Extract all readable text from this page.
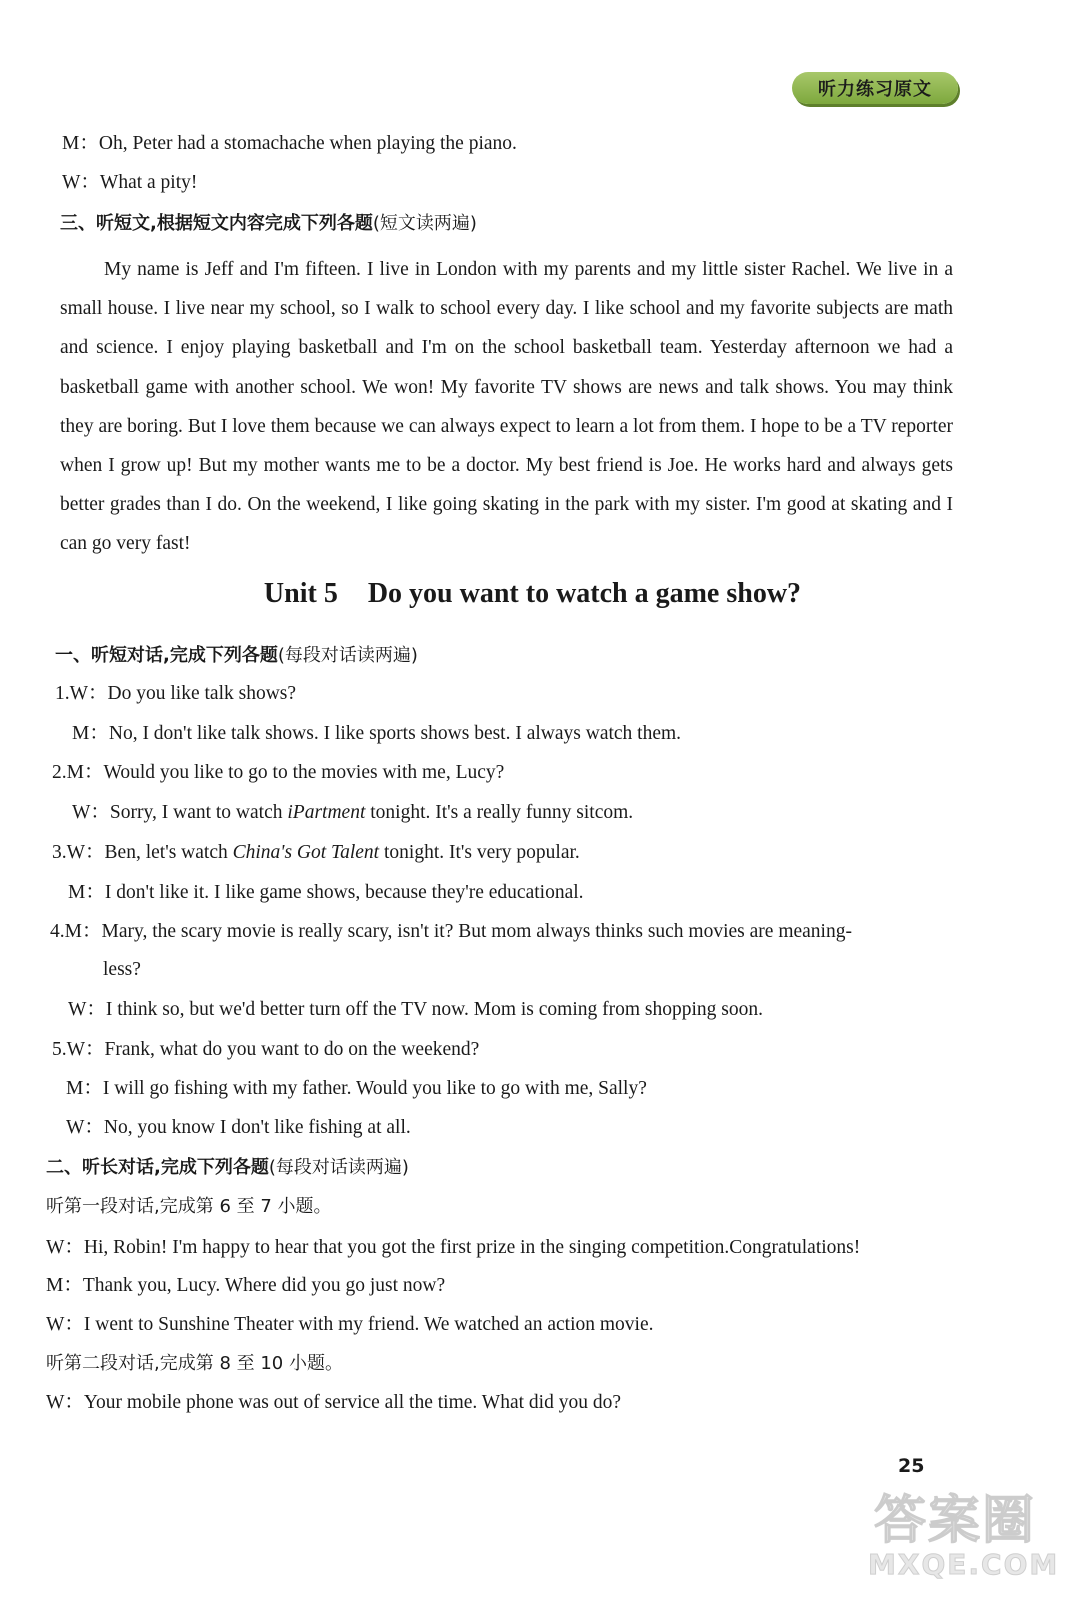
听力练习原文
M：Oh, Peter had a stomachache when playing the piano.
W：What a pity!
三、听短文,根据短文内容完成下列各题(短文读两遍)
My name is Jeff and I'm fifteen. I live in London with my parents and my little sister Rachel. We live in a small house. I live near my school, so I walk to school every day. I like school and my favorite subjects are math and science. I enjoy playing basketball and I'm on the school basketball team. Yesterday afternoon we had a basketball game with another school. We won! My favorite TV shows are news and talk shows. You may think they are boring. But I love them because we can always expect to learn a lot from them. I hope to be a TV reporter when I grow up! But my mother wants me to be a doctor. My best friend is Joe. He works hard and always gets better grades than I do. On the weekend, I like going skating in the park with my sister. I'm good at skating and I can go very fast!
Unit 5 Do you want to watch a game show?
一、听短对话,完成下列各题(每段对话读两遍)
1.W：Do you like talk shows?
M：No, I don't like talk shows. I like sports shows best. I always watch them.
2.M：Would you like to go to the movies with me, Lucy?
W：Sorry, I want to watch iPartment tonight. It's a really funny sitcom.
3.W：Ben, let's watch China's Got Talent tonight. It's very popular.
M：I don't like it. I like game shows, because they're educational.
4.M：Mary, the scary movie is really scary, isn't it? But mom always thinks such movies are meaning-
less?
W：I think so, but we'd better turn off the TV now. Mom is coming from shopping soon.
5.W：Frank, what do you want to do on the weekend?
M：I will go fishing with my father. Would you like to go with me, Sally?
W：No, you know I don't like fishing at all.
二、听长对话,完成下列各题(每段对话读两遍)
听第一段对话,完成第 6 至 7 小题。
W：Hi, Robin! I'm happy to hear that you got the first prize in the singing competition.Congratulations!
M：Thank you, Lucy. Where did you go just now?
W：I went to Sunshine Theater with my friend. We watched an action movie.
听第二段对话,完成第 8 至 10 小题。
W：Your mobile phone was out of service all the time. What did you do?
25
答案圈
MXQE.COM
